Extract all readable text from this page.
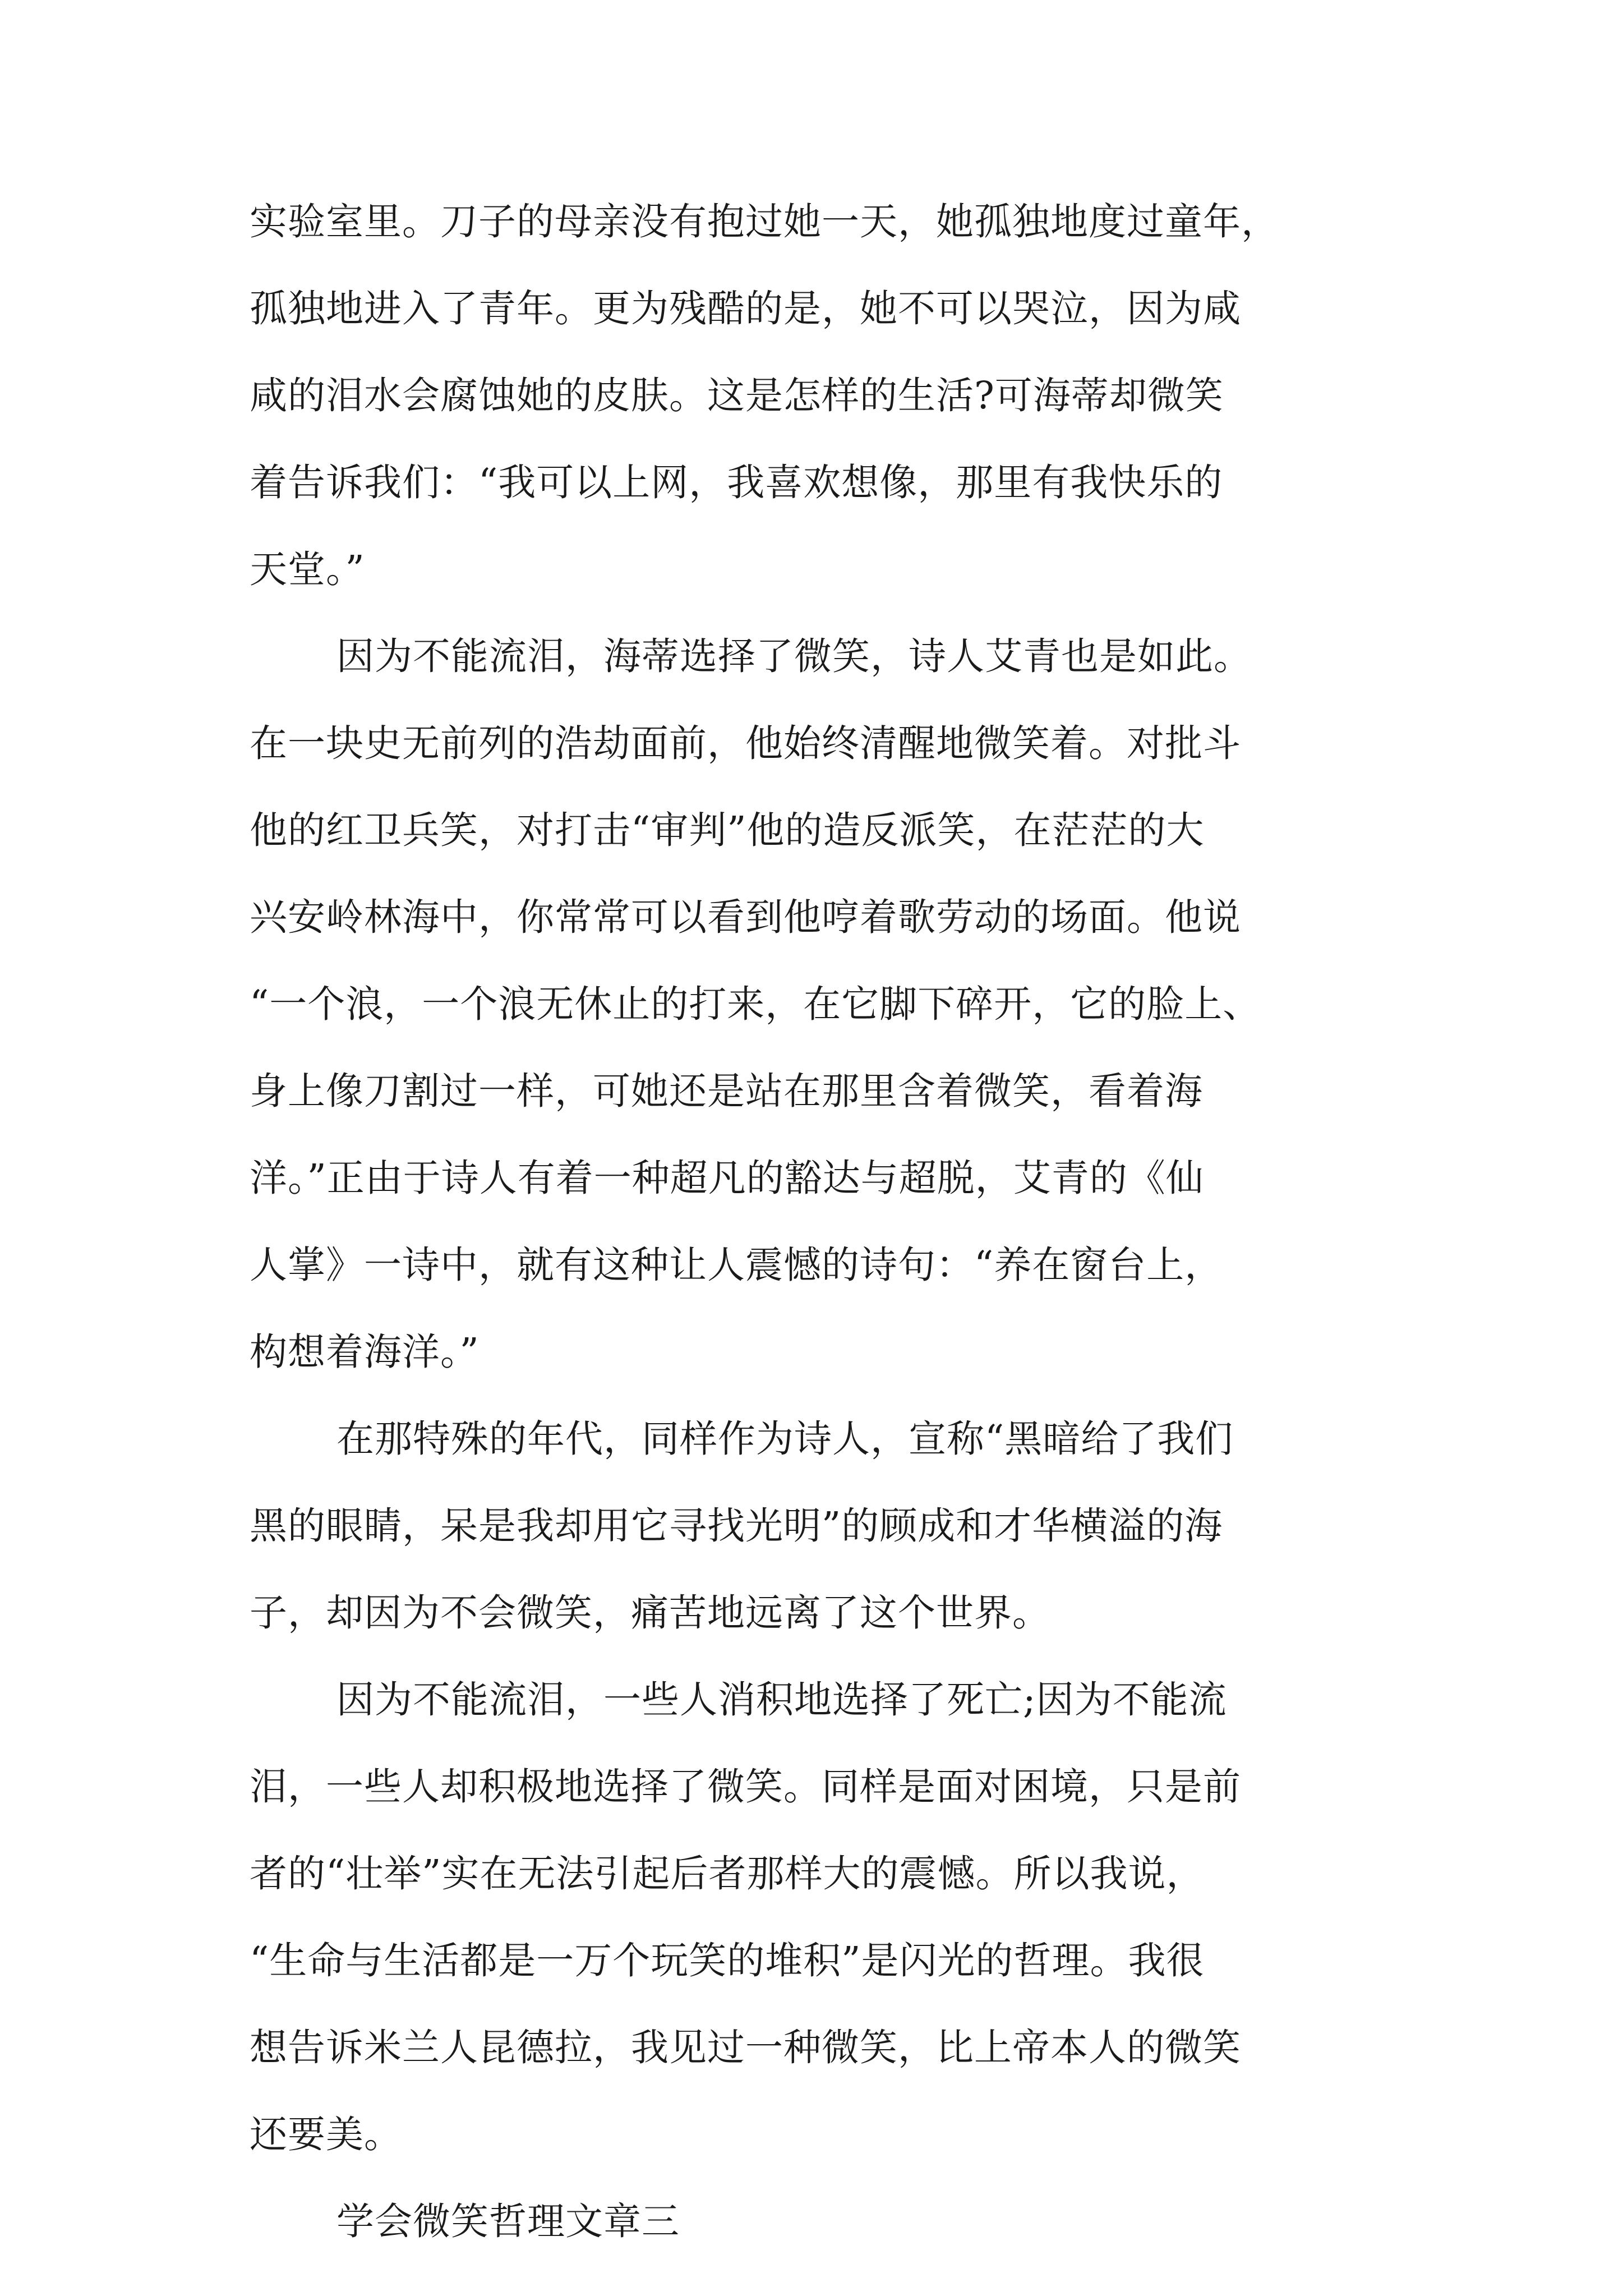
实验室里。刀子的母亲没有抱过她一天，她孤独地度过童年，
孤独地进入了青年。更为残酷的是，她不可以哭泣，因为咸
咸的泪水会腐蚀她的皮肤。这是怎样的生活?可海蒂却微笑
着告诉我们：“我可以上网，我喜欢想像，那里有我快乐的
天堂。”
因为不能流泪，海蒂选择了微笑，诗人艾青也是如此。
在一块史无前列的浩劫面前，他始终清醒地微笑着。对批斗
他的红卫兵笑，对打击“审判”他的造反派笑，在茫茫的大
兴安岭林海中，你常常可以看到他哼着歌劳动的场面。他说
“一个浪，一个浪无休止的打来，在它脚下碎开，它的脸上、
身上像刀割过一样，可她还是站在那里含着微笑，看着海
洋。”正由于诗人有着一种超凡的豁达与超脱，艾青的《仙
人掌》一诗中，就有这种让人震憾的诗句：“养在窗台上，
构想着海洋。”
在那特殊的年代，同样作为诗人，宣称“黑暗给了我们
黑的眼睛，呆是我却用它寻找光明”的顾成和才华横溢的海
子，却因为不会微笑，痛苦地远离了这个世界。
因为不能流泪，一些人消积地选择了死亡;因为不能流
泪，一些人却积极地选择了微笑。同样是面对困境，只是前
者的“壮举”实在无法引起后者那样大的震憾。所以我说，
“生命与生活都是一万个玩笑的堆积”是闪光的哲理。我很
想告诉米兰人昆德拉，我见过一种微笑，比上帝本人的微笑
还要美。
学会微笑哲理文章三
